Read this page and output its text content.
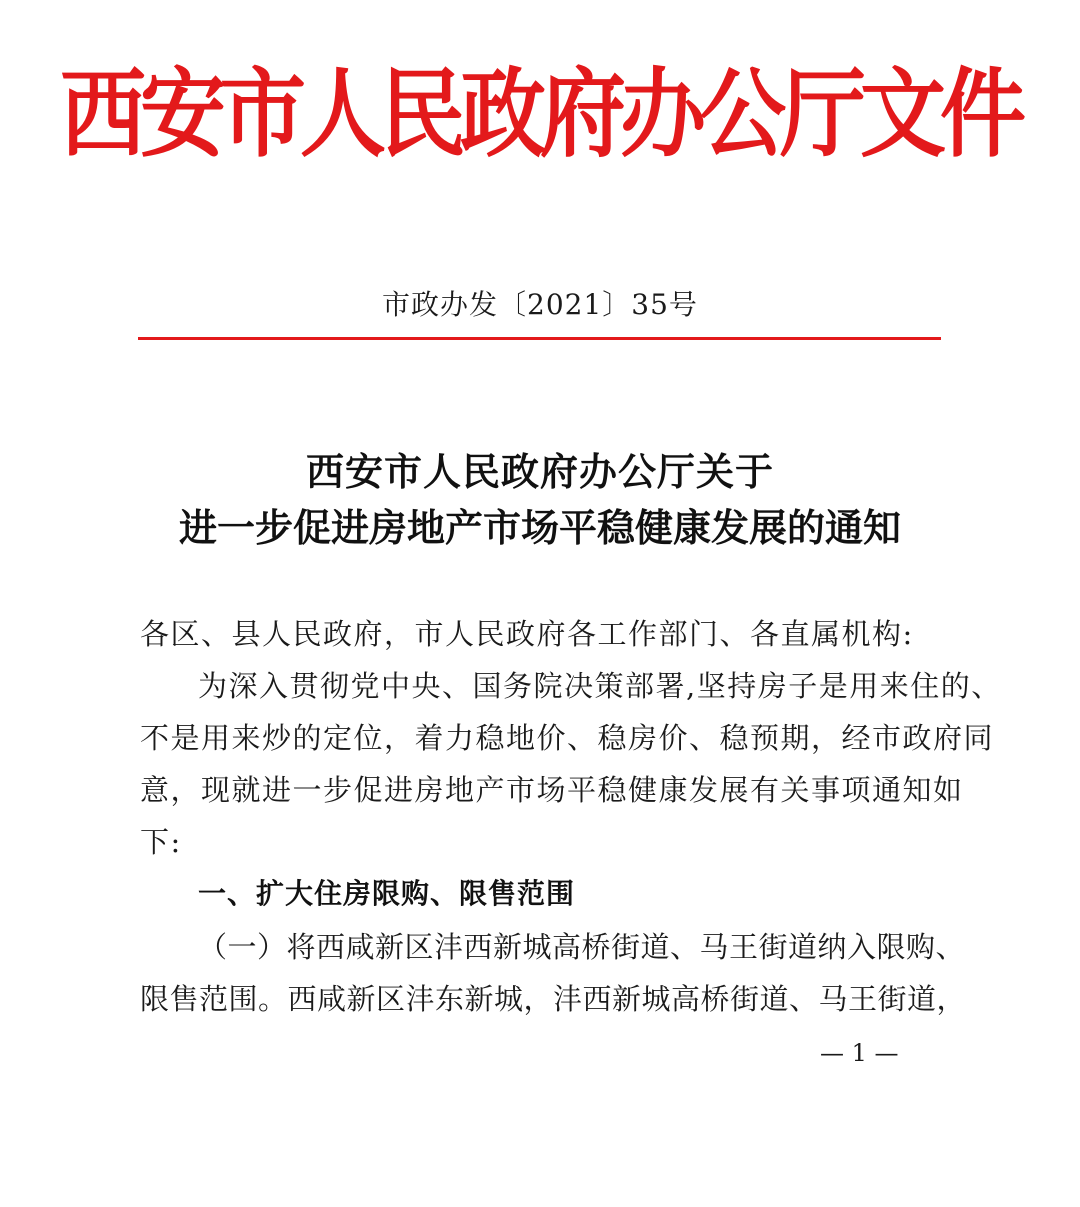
西安市人民政府办公厅文件
市政办发〔2021〕35号
西安市人民政府办公厅关于
进一步促进房地产市场平稳健康发展的通知
各区、县人民政府，市人民政府各工作部门、各直属机构:
为深入贯彻党中央、国务院决策部署,坚持房子是用来住的、
不是用来炒的定位，着力稳地价、稳房价、稳预期，经市政府同
意，现就进一步促进房地产市场平稳健康发展有关事项通知如
下:
一、扩大住房限购、限售范围
（一）将西咸新区沣西新城高桥街道、马王街道纳入限购、
限售范围。西咸新区沣东新城，沣西新城高桥街道、马王街道，
— 1 —
